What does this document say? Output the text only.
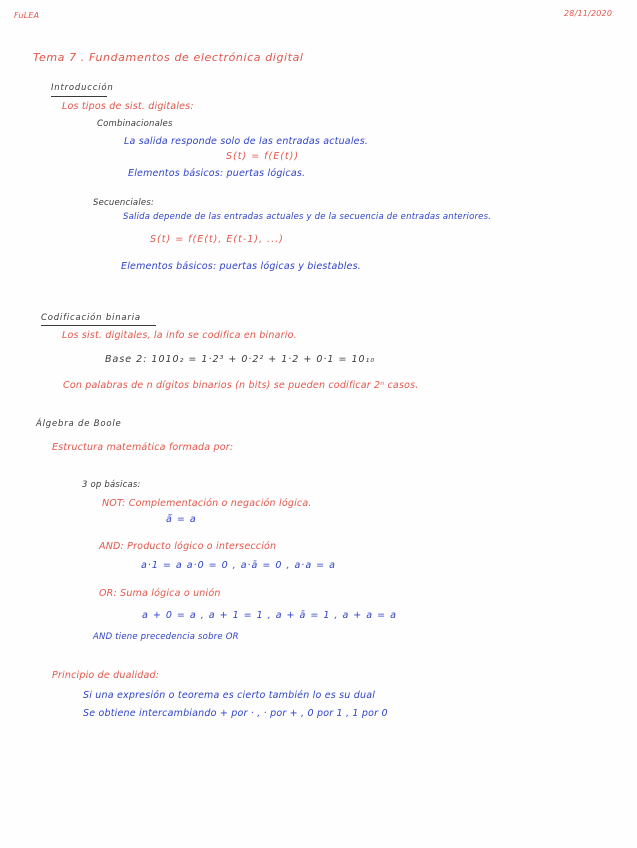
FuLEA	28/11/2020
Tema 7 . Fundamentos de electrónica digital
Introducción
Los tipos de sist. digitales:
Combinacionales
La salida responde solo de las entradas actuales.
S(t) = f(E(t))
Elementos básicos: puertas lógicas.
Secuenciales:
Salida depende de las entradas actuales y de la secuencia de entradas anteriores.
S(t) = f(E(t), E(t-1), ...)
Elementos básicos: puertas lógicas y biestables.
Codificación binaria
Los sist. digitales, la info se codifica en binario.
Base 2: 1010₂ = 1·2³ + 0·2² + 1·2 + 0·1 = 10₁₀
Con palabras de n dígitos binarios (n bits) se pueden codificar 2ⁿ casos.
Álgebra de Boole
Estructura matemática formada por:
3 op básicas:
NOT: Complementación o negación lógica.
ā̄ = a
AND: Producto lógico o intersección
a·1 = a a·0 = 0 , a·ā = 0 , a·a = a
OR: Suma lógica o unión
a + 0 = a , a + 1 = 1 , a + ā = 1 , a + a = a
AND tiene precedencia sobre OR
Principio de dualidad:
Si una expresión o teorema es cierto también lo es su dual
Se obtiene intercambiando + por · , · por + , 0 por 1 , 1 por 0
